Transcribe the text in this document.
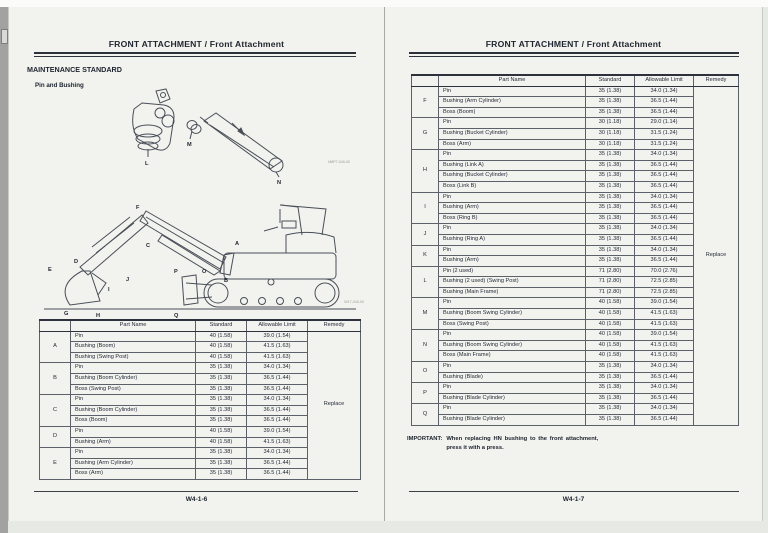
FRONT ATTACHMENT / Front Attachment
MAINTENANCE STANDARD
Pin and Bushing
L
M
N
M8P7-040-00
F
C	A
B
E
D
G
I
J
H
O
P
Q
W17-040-00
	Part Name	Standard	Allowable Limit	Remedy
A	Pin	40 (1.58)	39.0 (1.54)	Replace
	Bushing (Boom)	40 (1.58)	41.5 (1.63)	
	Bushing (Swing Post)	40 (1.58)	41.5 (1.63)	
B	Pin	35 (1.38)	34.0 (1.34)	
	Bushing (Boom Cylinder)	35 (1.38)	36.5 (1.44)	
	Boss (Swing Post)	35 (1.38)	36.5 (1.44)	
C	Pin	35 (1.38)	34.0 (1.34)	
	Bushing (Boom Cylinder)	35 (1.38)	36.5 (1.44)	
	Boss (Boom)	35 (1.38)	36.5 (1.44)	
D	Pin	40 (1.58)	39.0 (1.54)	
	Bushing (Arm)	40 (1.58)	41.5 (1.63)	
E	Pin	35 (1.38)	34.0 (1.34)	
	Bushing (Arm Cylinder)	35 (1.38)	36.5 (1.44)	
	Boss (Arm)	35 (1.38)	36.5 (1.44)	
W4-1-6
FRONT ATTACHMENT / Front Attachment
	Part Name	Standard	Allowable Limit	Remedy
F	Pin	35 (1.38)	34.0 (1.34)	Replace
	Bushing (Arm Cylinder)	35 (1.38)	36.5 (1.44)	
	Boss (Boom)	35 (1.38)	36.5 (1.44)	
G	Pin	30 (1.18)	29.0 (1.14)	
	Bushing (Bucket Cylinder)	30 (1.18)	31.5 (1.24)	
	Boss (Arm)	30 (1.18)	31.5 (1.24)	
H	Pin	35 (1.38)	34.0 (1.34)	
	Bushing (Link A)	35 (1.38)	36.5 (1.44)	
	Bushing (Bucket Cylinder)	35 (1.38)	36.5 (1.44)	
	Boss (Link B)	35 (1.38)	36.5 (1.44)	
I	Pin	35 (1.38)	34.0 (1.34)	
	Bushing (Arm)	35 (1.38)	36.5 (1.44)	
	Boss (Ring B)	35 (1.38)	36.5 (1.44)	
J	Pin	35 (1.38)	34.0 (1.34)	
	Bushing (Ring A)	35 (1.38)	36.5 (1.44)	
K	Pin	35 (1.38)	34.0 (1.34)	
	Bushing (Arm)	35 (1.38)	36.5 (1.44)	
L	Pin (2 used)	71 (2.80)	70.0 (2.76)	
	Bushing (2 used) (Swing Post)	71 (2.80)	72.5 (2.85)	
	Bushing (Main Frame)	71 (2.80)	72.5 (2.85)	
M	Pin	40 (1.58)	39.0 (1.54)	
	Bushing (Boom Swing Cylinder)	40 (1.58)	41.5 (1.63)	
	Boss (Swing Post)	40 (1.58)	41.5 (1.63)	
N	Pin	40 (1.58)	39.0 (1.54)	
	Bushing (Boom Swing Cylinder)	40 (1.58)	41.5 (1.63)	
	Boss (Main Frame)	40 (1.58)	41.5 (1.63)	
O	Pin	35 (1.38)	34.0 (1.34)	
	Bushing (Blade)	35 (1.38)	36.5 (1.44)	
P	Pin	35 (1.38)	34.0 (1.34)	
	Bushing (Blade Cylinder)	35 (1.38)	36.5 (1.44)	
Q	Pin	35 (1.38)	34.0 (1.34)	
	Bushing (Blade Cylinder)	35 (1.38)	36.5 (1.44)	
IMPORTANT: When replacing HN bushing to the front attachment, press it with a press.
W4-1-7
